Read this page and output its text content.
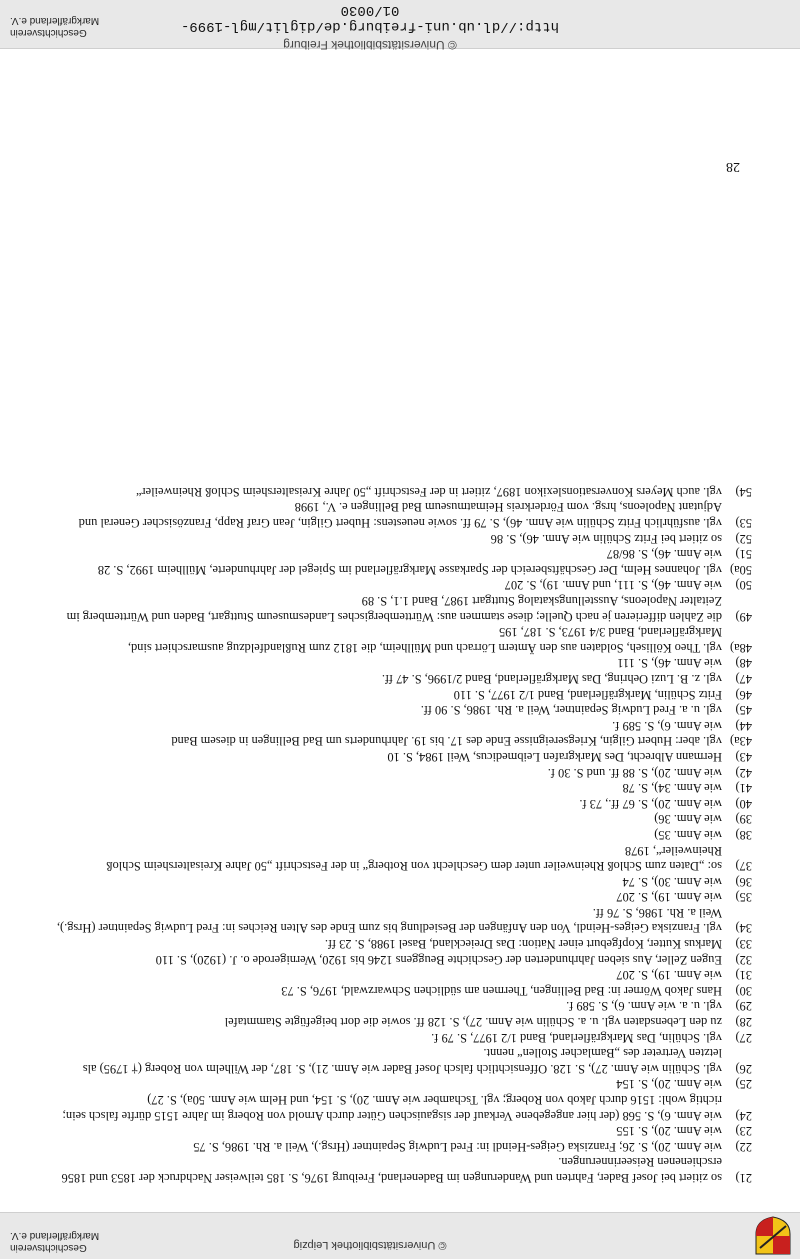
© Universitätsbibliothek Leipzig
Geschichtsverein
Markgräflerland e.V.
21)
so zitiert bei Josef Bader, Fahrten und Wanderungen im Badenerland, Freiburg 1976, S. 185 teilweiser Nachdruck der 1853 und 1856 erschienenen Reiseerinnerungen.
22)
wie Anm. 20), S. 26; Franziska Geiges-Heindl in: Fred Ludwig Sepaintner (Hrsg.), Weil a. Rh. 1986, S. 75
23)
wie Anm. 20), S. 155
24)
wie Anm. 6), S. 568 (der hier angegebene Verkauf der sisgauischen Güter durch Arnold von Roberg im Jahre 1515 dürfte falsch sein; richtig wohl: 1516 durch Jakob von Roberg; vgl. Tschamber wie Anm. 20), S. 154, und Helm wie Anm. 50a), S. 27)
25)
wie Anm. 20), S. 154
26)
vgl. Schülin wie Anm. 27), S. 128. Offensichtlich falsch Josef Bader wie Anm. 21), S. 187, der Wilhelm von Roberg († 1795) als letzten Vertreter des „Bamlacher Stollen“ nennt.
27)
vgl. Schülin, Das Markgräflerland, Band 1/2 1977, S. 79 f.
28)
zu den Lebensdaten vgl. u. a. Schülin wie Anm. 27), S. 128 ff. sowie die dort beigefügte Stammtafel
29)
vgl. u. a. wie Anm. 6), S. 589 f.
30)
Hans Jakob Wörner in: Bad Bellingen, Thermen am südlichen Schwarzwald, 1976, S. 73
31)
wie Anm. 19), S. 207
32)
Eugen Zeller, Aus sieben Jahrhunderten der Geschichte Beuggens 1246 bis 1920, Wernigerode o. J. (1920), S. 110
33)
Markus Kutter, Kopfgeburt einer Nation: Das Dreieckland, Basel 1988, S. 23 ff.
34)
vgl. Franziska Geiges-Heindl, Von den Anfängen der Besiedlung bis zum Ende des Alten Reiches in: Fred Ludwig Sepaintner (Hrsg.), Weil a. Rh. 1986, S. 76 ff.
35)
wie Anm. 19), S. 207
36)
wie Anm. 30), S. 74
37)
so: „Daten zum Schloß Rheinweiler unter dem Geschlecht von Rotberg“ in der Festschrift „50 Jahre Kreisaltersheim Schloß Rheinweiler“, 1978
38)
wie Anm. 35)
39)
wie Anm. 36)
40)
wie Anm. 20), S. 67 ff., 73 f.
41)
wie Anm. 34), S. 78
42)
wie Anm. 20), S. 88 ff. und S. 30 f.
43)
Hermann Albrecht, Des Markgrafen Leibmedicus, Weil 1984, S. 10
43a)
vgl. aber: Hubert Gilgin, Kriegsereignisse Ende des 17. bis 19. Jahrhunderts um Bad Bellingen in diesem Band
44)
wie Anm. 6), S. 589 f.
45)
vgl. u. a. Fred Ludwig Sepaintner, Weil a. Rh. 1986, S. 90 ff.
46)
Fritz Schülin, Markgräflerland, Band 1/2 1977, S. 110
47)
vgl. z. B. Luzi Oehring, Das Markgräflerland, Band 2/1996, S. 47 ff.
48)
wie Anm. 46), S. 111
48a)
vgl. Theo Kölliseh, Soldaten aus den Ämtern Lörrach und Müllheim, die 1812 zum Rußlandfeldzug ausmarschiert sind, Markgräflerland, Band 3/4 1973, S. 187, 195
49)
die Zahlen differieren je nach Quelle; diese stammen aus: Württembergisches Landesmuseum Stuttgart, Baden und Württemberg im Zeitalter Napoleons, Ausstellungskatalog Stuttgart 1987, Band 1.1, S. 89
50)
wie Anm. 46), S. 111, und Anm. 19), S. 207
50a)
vgl. Johannes Helm, Der Geschäftsbereich der Sparkasse Markgräflerland im Spiegel der Jahrhunderte, Müllheim 1992, S. 28
51)
wie Anm. 46), S. 86/87
52)
so zitiert bei Fritz Schülin wie Anm. 46), S. 86
53)
vgl. ausführlich Fritz Schülin wie Anm. 46), S. 79 ff. sowie neuestens: Hubert Gilgin, Jean Graf Rapp, Französischer General und Adjutant Napoleons, hrsg. vom Förderkreis Heimatmuseum Bad Bellingen e. V., 1998
54)
vgl. auch Meyers Konversationslexikon 1897, zitiert in der Festschrift „50 Jahre Kreisaltersheim Schloß Rheinweiler“
28
© Universitätsbibliothek Freiburg
http://dl.ub.uni-freiburg.de/diglit/mgl-1999-01/0030
Geschichtsverein
Markgräflerland e.V.
